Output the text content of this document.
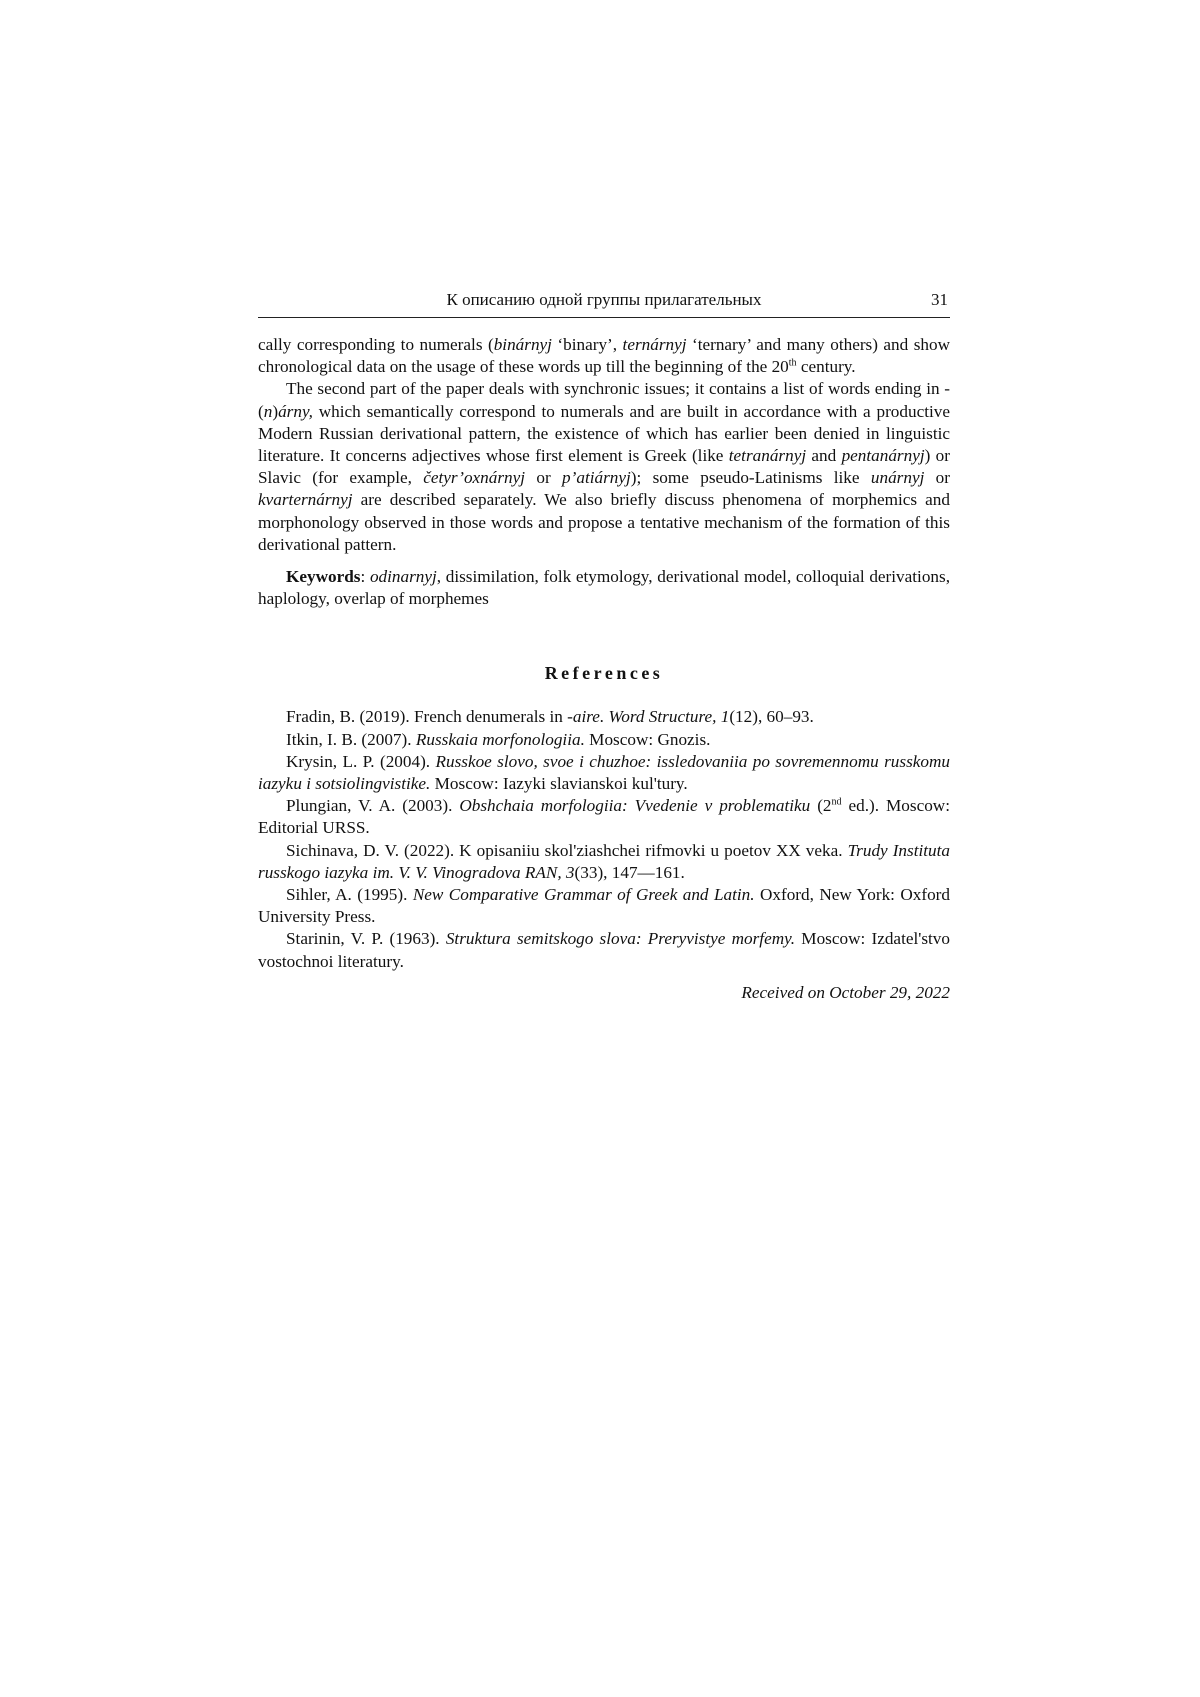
К описанию одной группы прилагательных	31

cally corresponding to numerals (binárnyj ‘binary’, ternárnyj ‘ternary’ and many others) and show chronological data on the usage of these words up till the beginning of the 20th century.

The second part of the paper deals with synchronic issues; it contains a list of words ending in -(n)árny, which semantically correspond to numerals and are built in accordance with a productive Modern Russian derivational pattern, the existence of which has earlier been denied in linguistic literature. It concerns adjectives whose first element is Greek (like tetranárnyj and pentanárnyj) or Slavic (for example, četyr’oxnárnyj or p’atiárnyj); some pseudo-Latinisms like unárnyj or kvarternárnyj are described separately. We also briefly discuss phenomena of morphemics and morphonology observed in those words and propose a tentative mechanism of the formation of this derivational pattern.

Keywords: odinarnyj, dissimilation, folk etymology, derivational model, colloquial derivations, haplology, overlap of morphemes
References
Fradin, B. (2019). French denumerals in -aire. Word Structure, 1(12), 60–93.
Itkin, I. B. (2007). Russkaia morfonologiia. Moscow: Gnozis.
Krysin, L. P. (2004). Russkoe slovo, svoe i chuzhoe: issledovaniia po sovremennomu russkomu iazyku i sotsiolingvistike. Moscow: Iazyki slavianskoi kul'tury.
Plungian, V. A. (2003). Obshchaia morfologiia: Vvedenie v problematiku (2nd ed.). Moscow: Editorial URSS.
Sichinava, D. V. (2022). K opisaniiu skol'ziashchei rifmovki u poetov XX veka. Trudy Instituta russkogo iazyka im. V. V. Vinogradova RAN, 3(33), 147—161.
Sihler, A. (1995). New Comparative Grammar of Greek and Latin. Oxford, New York: Oxford University Press.
Starinin, V. P. (1963). Struktura semitskogo slova: Preryvistye morfemy. Moscow: Izdatel'stvo vostochnoi literatury.
Received on October 29, 2022
